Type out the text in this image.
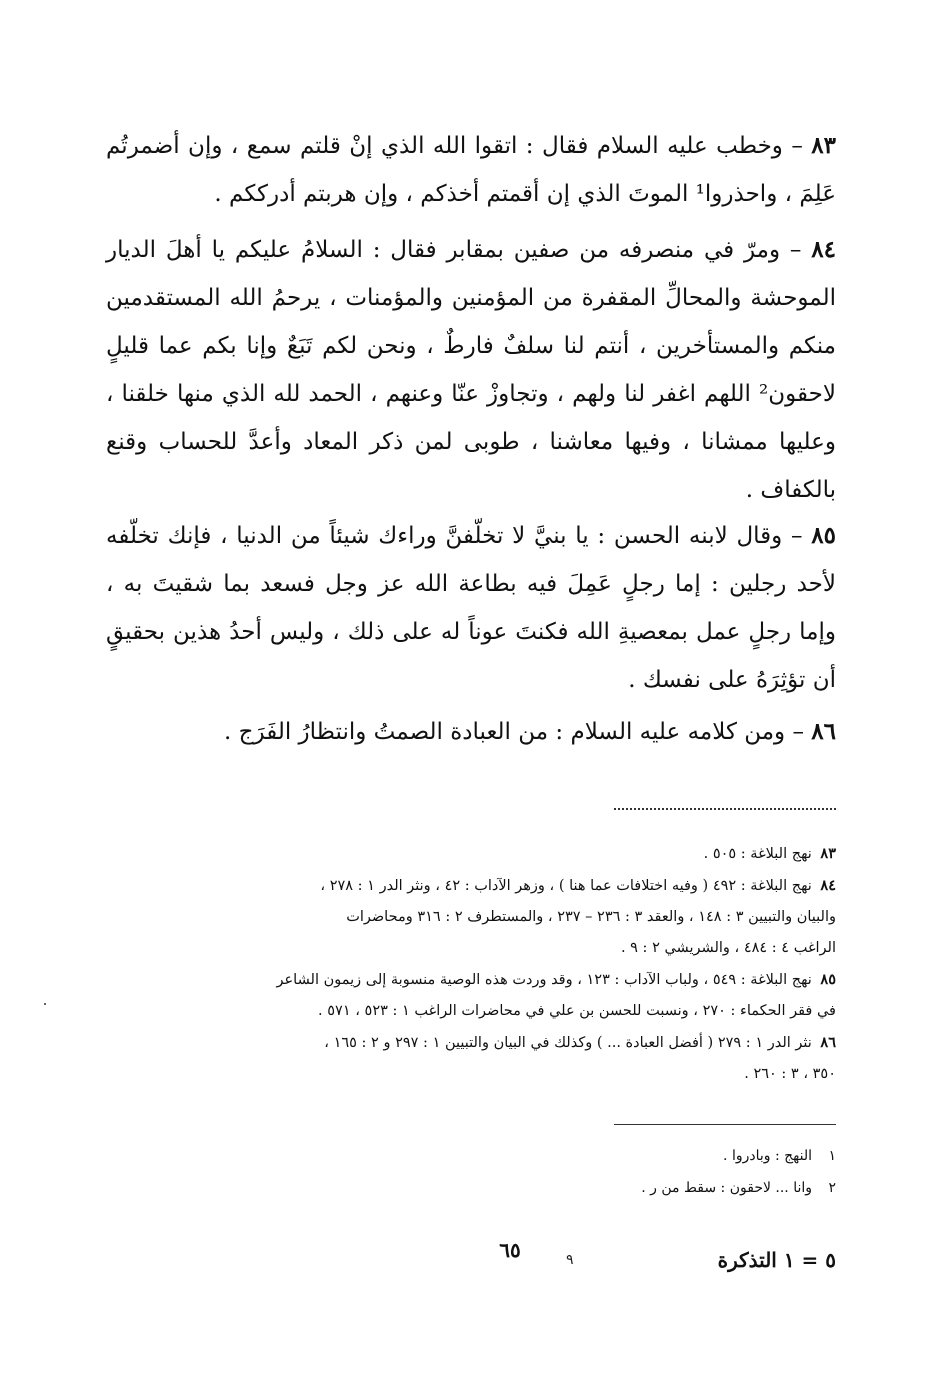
٨٣ – وخطب عليه السلام فقال : اتقوا الله الذي إنْ قلتم سمع ، وإن أضمرتُم عَلِمَ ، واحذروا¹ الموتَ الذي إن أقمتم أخذكم ، وإن هربتم أدرككم .
٨٤ – ومرّ في منصرفه من صفين بمقابر فقال : السلامُ عليكم يا أهلَ الديار الموحشة والمحالِّ المقفرة من المؤمنين والمؤمنات ، يرحمُ الله المستقدمين منكم والمستأخرين ، أنتم لنا سلفٌ فارطٌ ، ونحن لكم تَبَعٌ وإنا بكم عما قليلٍ لاحقون² اللهم اغفر لنا ولهم ، وتجاوزْ عنّا وعنهم ، الحمد لله الذي منها خلقنا ، وعليها ممشانا ، وفيها معاشنا ، طوبى لمن ذكر المعاد وأعدَّ للحساب وقنع بالكفاف .
٨٥ – وقال لابنه الحسن : يا بنيَّ لا تخلّفنَّ وراءك شيئاً من الدنيا ، فإنك تخلّفه لأحد رجلين : إما رجلٍ عَمِلَ فيه بطاعة الله عز وجل فسعد بما شقيتَ به ، وإما رجلٍ عمل بمعصيةِ الله فكنتَ عوناً له على ذلك ، وليس أحدُ هذين بحقيقٍ أن تؤثِرَهُ على نفسك .
٨٦ – ومن كلامه عليه السلام : من العبادة الصمتُ وانتظارُ الفَرَج .

٨٣ نهج البلاغة : ٥٠٥ .

٨٤ نهج البلاغة : ٤٩٢ ( وفيه اختلافات عما هنا ) ، وزهر الآداب : ٤٢ ، ونثر الدر ١ : ٢٧٨ ،
والبيان والتبيين ٣ : ١٤٨ ، والعقد ٣ : ٢٣٦ – ٢٣٧ ، والمستطرف ٢ : ٣١٦ ومحاضرات
الراغب ٤ : ٤٨٤ ، والشريشي ٢ : ٩ .

٨٥ نهج البلاغة : ٥٤٩ ، ولباب الآداب : ١٢٣ ، وقد وردت هذه الوصية منسوبة إلى زيمون الشاعر
في فقر الحكماء : ٢٧٠ ، ونسبت للحسن بن علي في محاضرات الراغب ١ : ٥٢٣ ، ٥٧١ .

٨٦ نثر الدر ١ : ٢٧٩ ( أفضل العبادة ... ) وكذلك في البيان والتبيين ١ : ٢٩٧ و ٢ : ١٦٥ ،
٣٥٠ ، ٣ : ٢٦٠ .

١ النهج : وبادروا .
٢ وانا ... لاحقون : سقط من ر .
٦٥	٩	٥ = ١ التذكرة
